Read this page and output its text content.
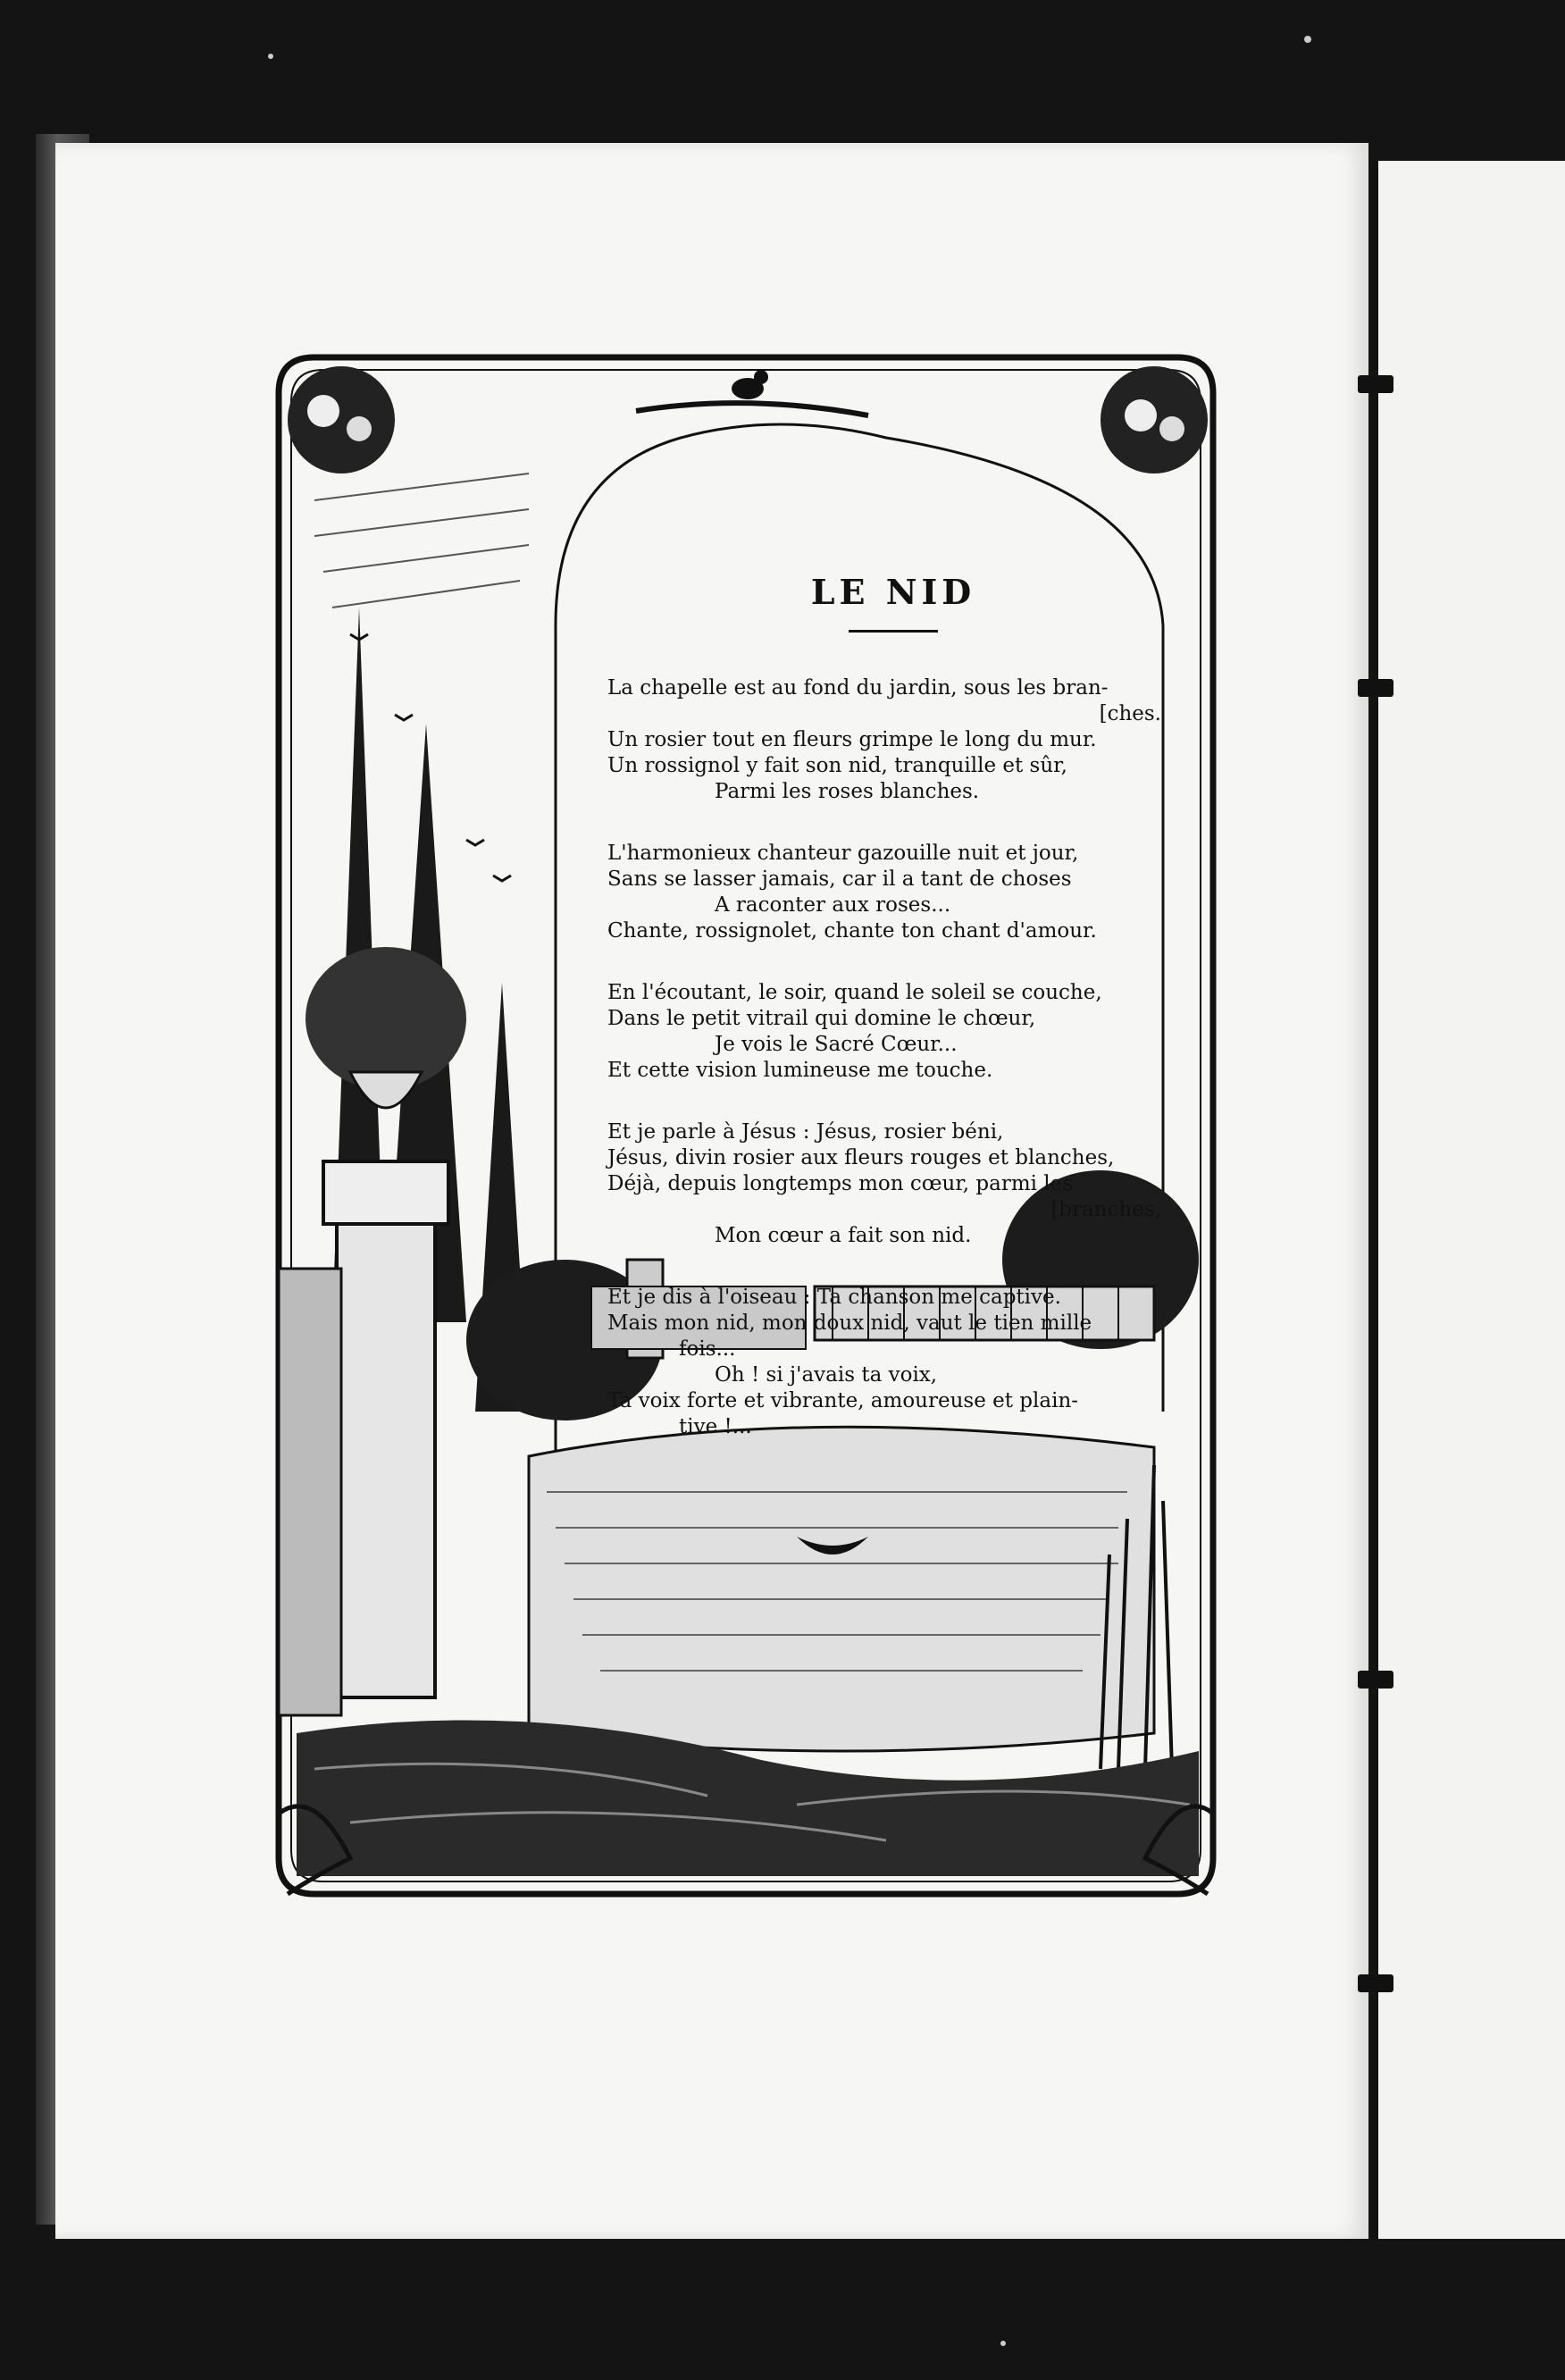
LE NID
La chapelle est au fond du jardin, sous les bran-
[ches.
Un rosier tout en fleurs grimpe le long du mur.
Un rossignol y fait son nid, tranquille et sûr,
Parmi les roses blanches.
L'harmonieux chanteur gazouille nuit et jour,
Sans se lasser jamais, car il a tant de choses
A raconter aux roses...
Chante, rossignolet, chante ton chant d'amour.
En l'écoutant, le soir, quand le soleil se couche,
Dans le petit vitrail qui domine le chœur,
Je vois le Sacré Cœur...
Et cette vision lumineuse me touche.
Et je parle à Jésus : Jésus, rosier béni,
Jésus, divin rosier aux fleurs rouges et blanches,
Déjà, depuis longtemps mon cœur, parmi les
[branches,
Mon cœur a fait son nid.
Et je dis à l'oiseau : Ta chanson me captive.
Mais mon nid, mon doux nid, vaut le tien mille
fois...
Oh ! si j'avais ta voix,
Ta voix forte et vibrante, amoureuse et plain-
tive !...
